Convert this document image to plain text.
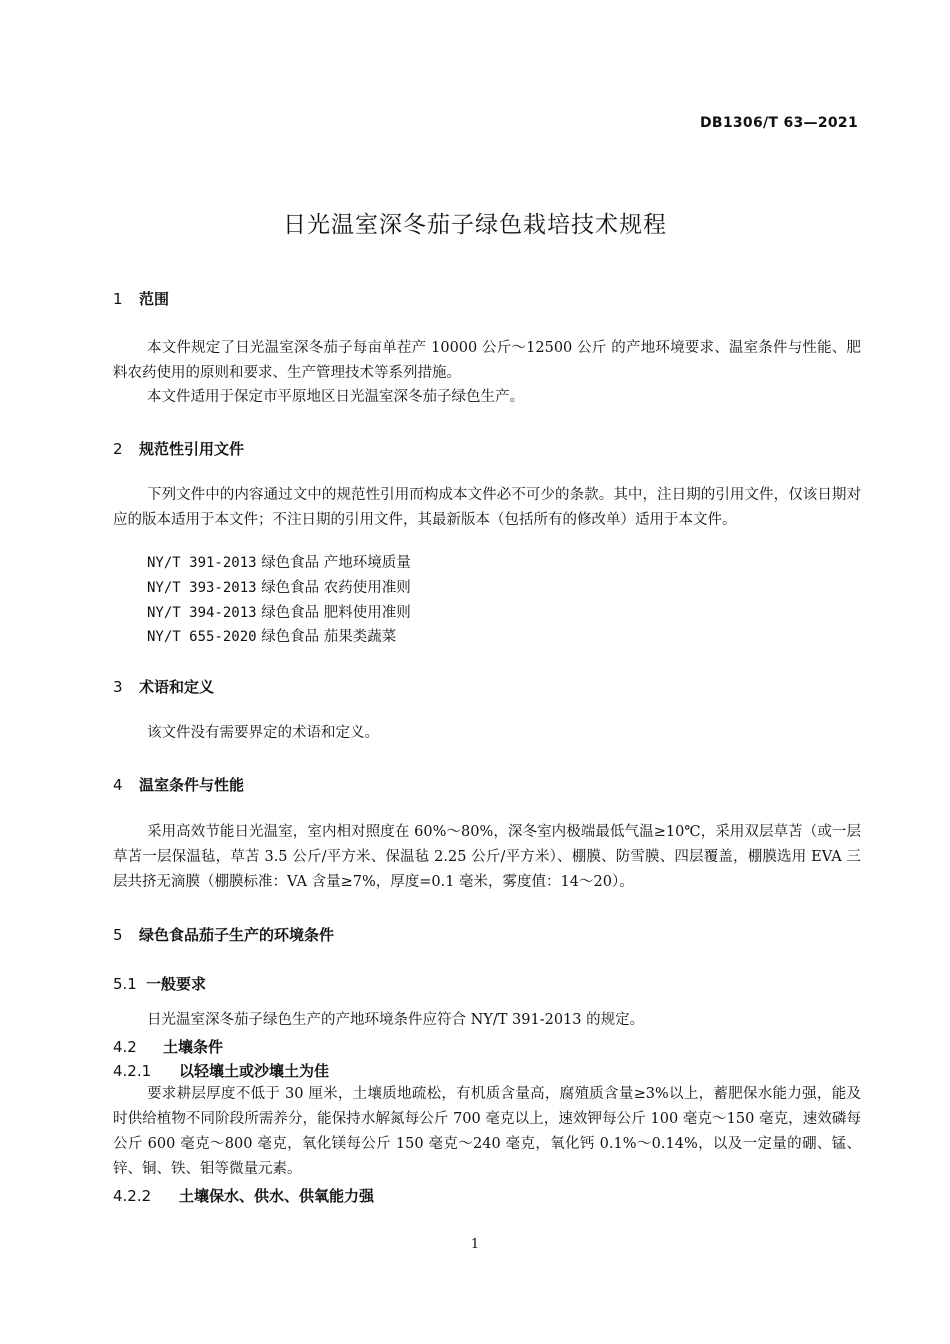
DB1306/T 63—2021
日光温室深冬茄子绿色栽培技术规程
1 范围
本文件规定了日光温室深冬茄子每亩单茬产 10000 公斤～12500 公斤 的产地环境要求、温室条件与性能、肥料农药使用的原则和要求、生产管理技术等系列措施。
本文件适用于保定市平原地区日光温室深冬茄子绿色生产。
2 规范性引用文件
下列文件中的内容通过文中的规范性引用而构成本文件必不可少的条款。其中，注日期的引用文件，仅该日期对应的版本适用于本文件；不注日期的引用文件，其最新版本（包括所有的修改单）适用于本文件。
NY/T 391-2013 绿色食品 产地环境质量
NY/T 393-2013 绿色食品 农药使用准则
NY/T 394-2013 绿色食品 肥料使用准则
NY/T 655-2020 绿色食品 茄果类蔬菜
3 术语和定义
该文件没有需要界定的术语和定义。
4 温室条件与性能
采用高效节能日光温室，室内相对照度在 60%～80%，深冬室内极端最低气温≥10℃，采用双层草苫（或一层草苫一层保温毡，草苫 3.5 公斤/平方米、保温毡 2.25 公斤/平方米）、棚膜、防雪膜、四层覆盖，棚膜选用 EVA 三层共挤无滴膜（棚膜标准：VA 含量≥7%，厚度=0.1 毫米，雾度值：14～20）。
5 绿色食品茄子生产的环境条件
5.1 一般要求
日光温室深冬茄子绿色生产的产地环境条件应符合 NY/T 391-2013 的规定。
4.2 土壤条件
4.2.1 以轻壤土或沙壤土为佳
要求耕层厚度不低于 30 厘米，土壤质地疏松，有机质含量高，腐殖质含量≥3%以上，蓄肥保水能力强，能及时供给植物不同阶段所需养分，能保持水解氮每公斤 700 毫克以上，速效钾每公斤 100 毫克～150 毫克，速效磷每公斤 600 毫克～800 毫克，氧化镁每公斤 150 毫克～240 毫克，氧化钙 0.1%～0.14%，以及一定量的硼、锰、锌、铜、铁、钼等微量元素。
4.2.2 土壤保水、供水、供氧能力强
1
